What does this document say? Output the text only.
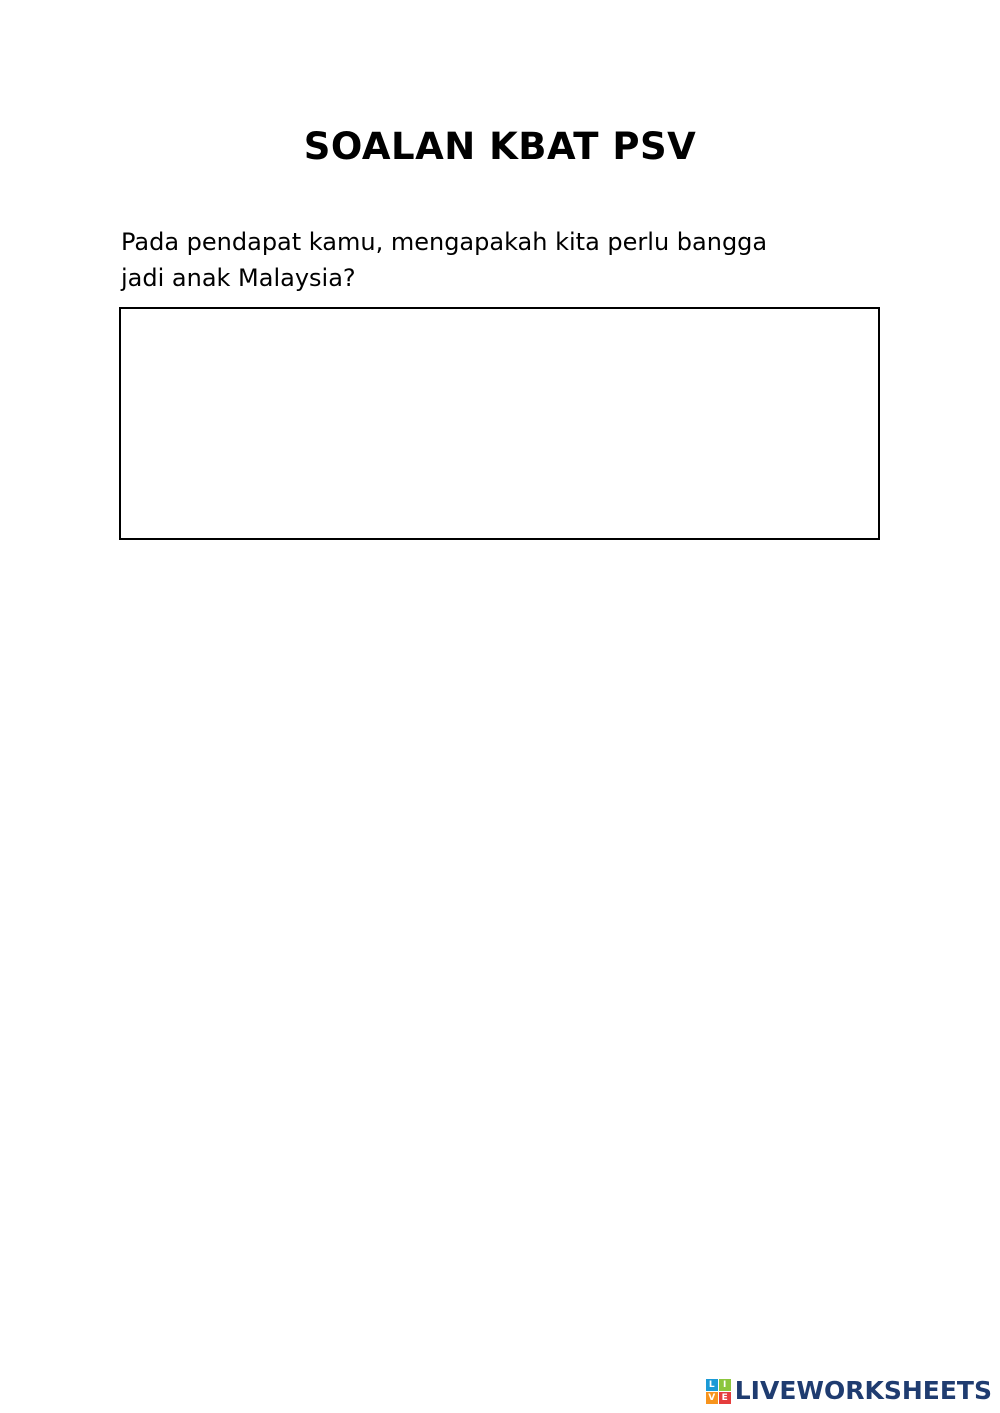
SOALAN KBAT PSV

Pada pendapat kamu, mengapakah kita perlu bangga
jadi anak Malaysia?

L I
V E LIVEWORKSHEETS
